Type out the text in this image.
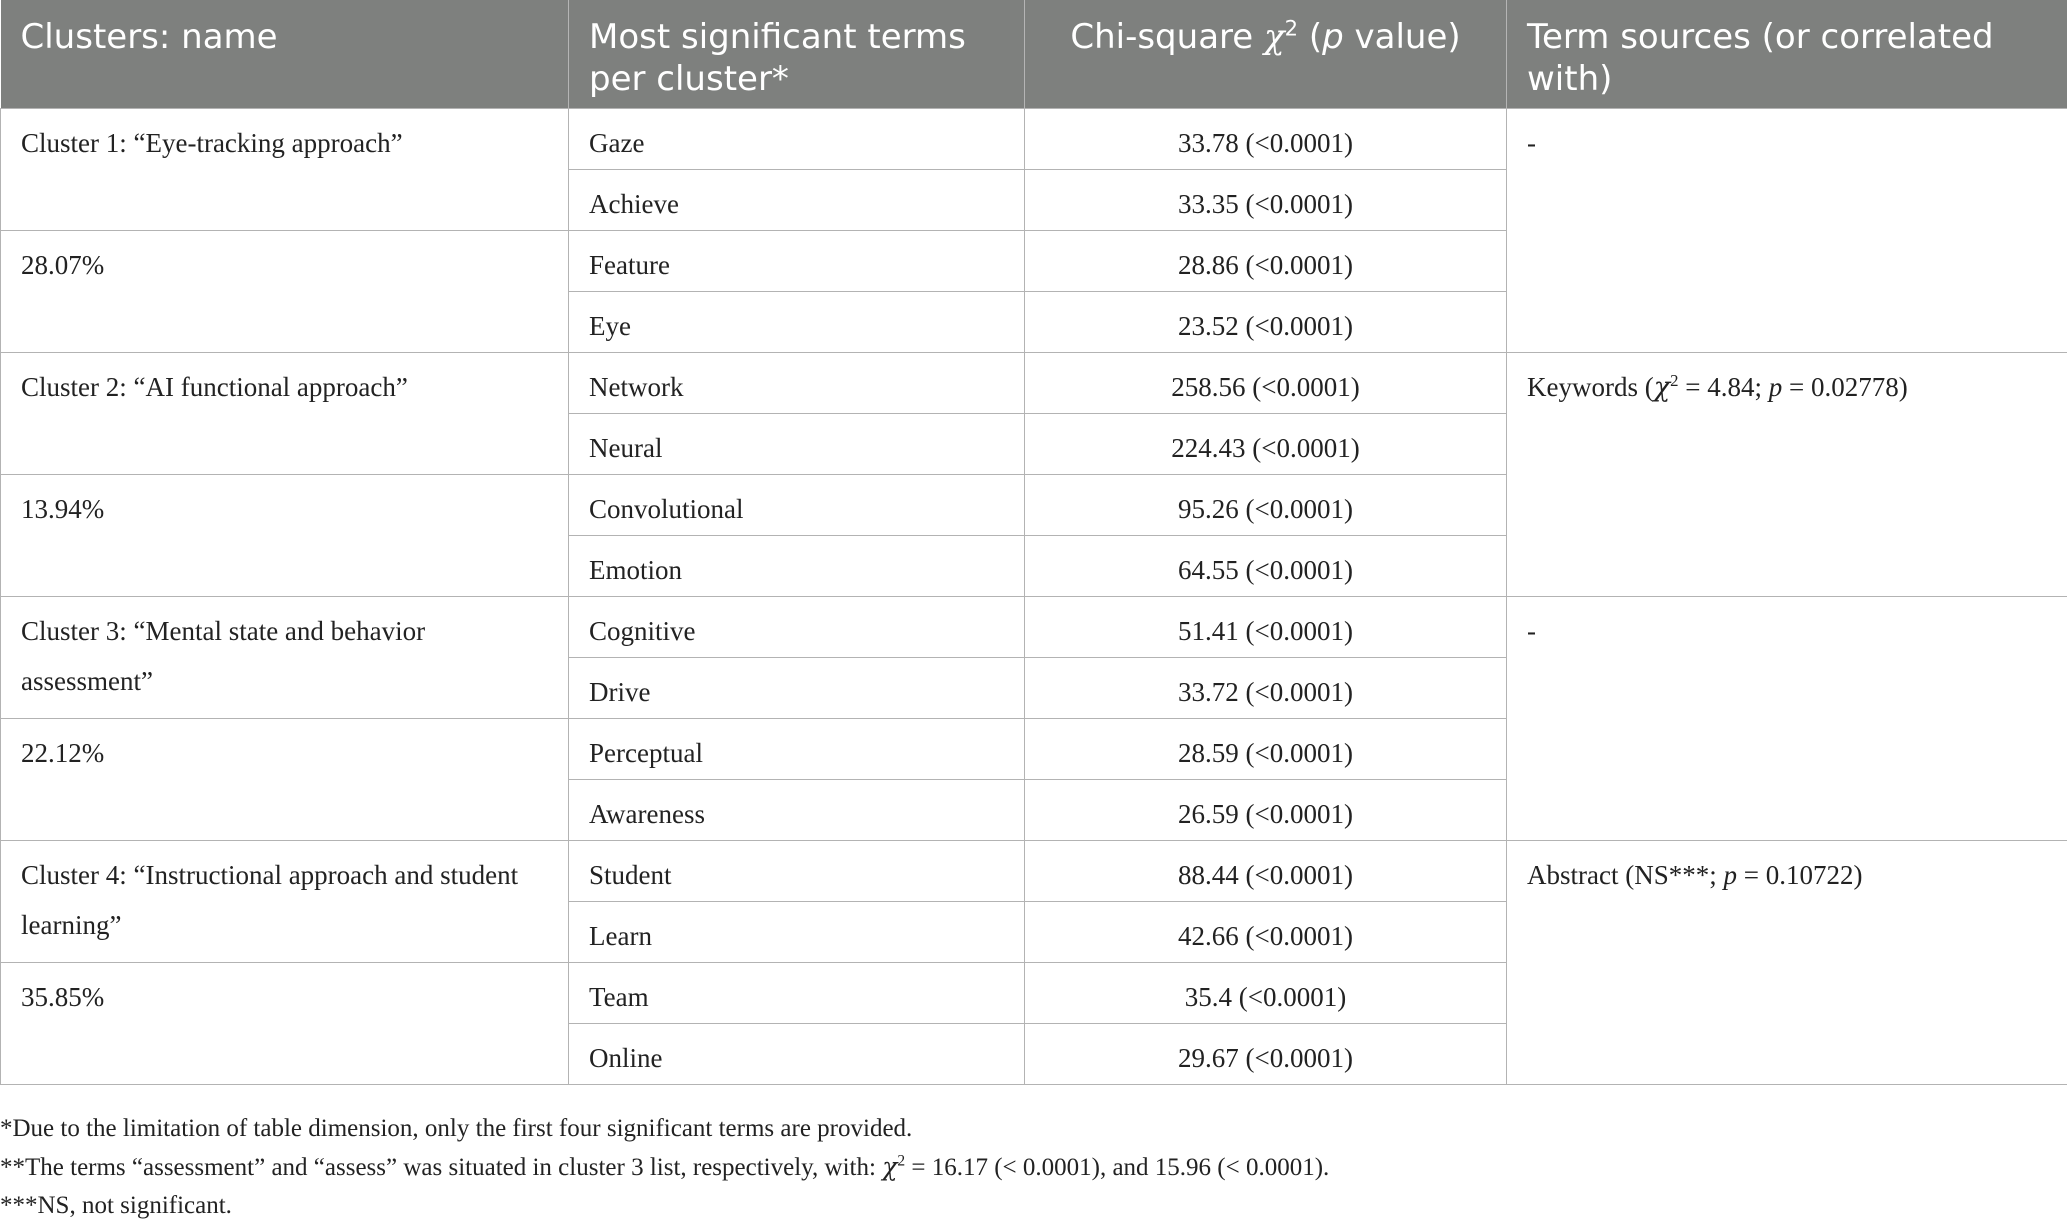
Clusters: name	Most significant terms per cluster*	Chi-square $\chi^2$ (p value)	Term sources (or correlated with)
Cluster 1: “Eye-tracking approach”	Gaze	33.78 (<0.0001)	-
	Achieve	33.35 (<0.0001)	
28.07%	Feature	28.86 (<0.0001)	
	Eye	23.52 (<0.0001)	
Cluster 2: “AI functional approach”	Network	258.56 (<0.0001)	Keywords ($\chi^2 = 4.84$; p = 0.02778)
	Neural	224.43 (<0.0001)	
13.94%	Convolutional	95.26 (<0.0001)	
	Emotion	64.55 (<0.0001)	
Cluster 3: “Mental state and behavior assessment”	Cognitive	51.41 (<0.0001)	-
	Drive	33.72 (<0.0001)	
22.12%	Perceptual	28.59 (<0.0001)	
	Awareness	26.59 (<0.0001)	
Cluster 4: “Instructional approach and student learning”	Student	88.44 (<0.0001)	Abstract (NS***; p = 0.10722)
	Learn	42.66 (<0.0001)	
35.85%	Team	35.4 (<0.0001)	
	Online	29.67 (<0.0001)	

*Due to the limitation of table dimension, only the first four significant terms are provided.

**The terms “assessment” and “assess” was situated in cluster 3 list, respectively, with: $\chi^2 = 16.17$ (< 0.0001), and 15.96 (< 0.0001).

***NS, not significant.
